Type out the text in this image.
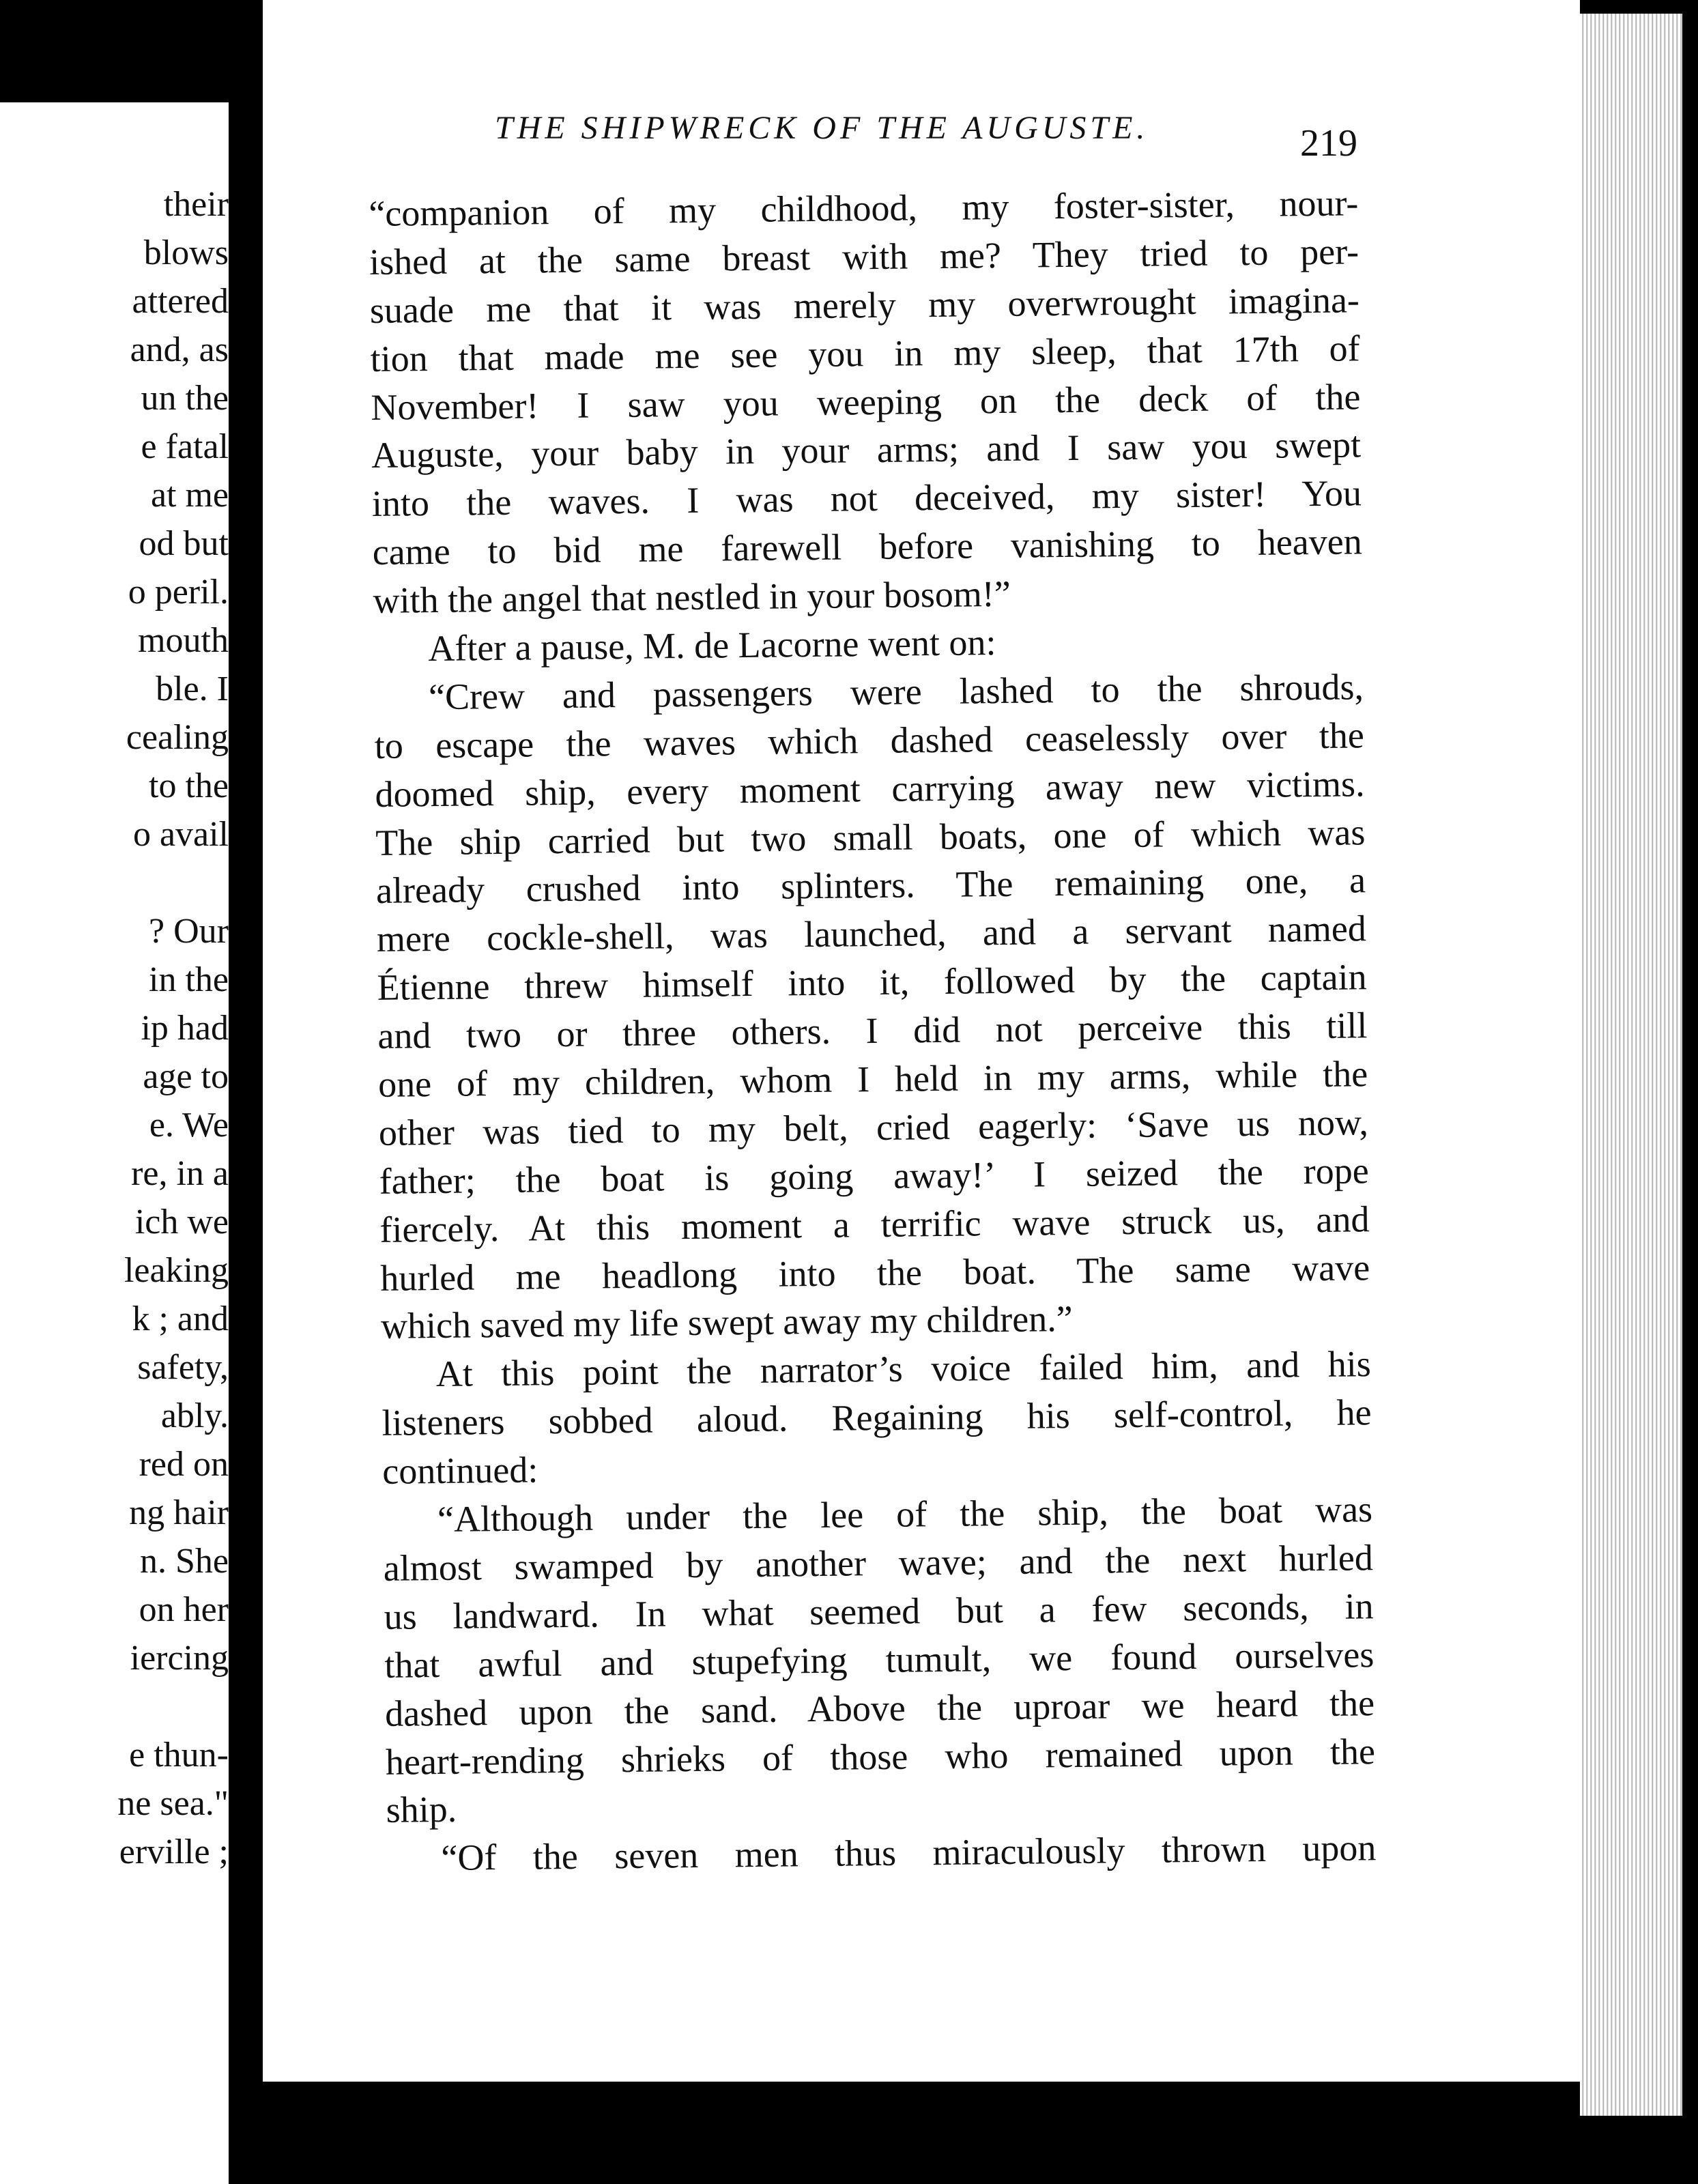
their
blows
attered
and, as
un the
e fatal
at me
od but
o peril.
mouth
ble. I
cealing
to the
o avail
? Our
in the
ip had
age to
e. We
re, in a
ich we
leaking
k ; and
safety,
ably.
red on
ng hair
n. She
on her
iercing
e thun-
ne sea."
erville ;
THE SHIPWRECK OF THE AUGUSTE.	219
“companion of my childhood, my foster-sister, nour-
ished at the same breast with me? They tried to per-
suade me that it was merely my overwrought imagina-
tion that made me see you in my sleep, that 17th of
November! I saw you weeping on the deck of the
Auguste, your baby in your arms; and I saw you swept
into the waves. I was not deceived, my sister! You
came to bid me farewell before vanishing to heaven
with the angel that nestled in your bosom!”
After a pause, M. de Lacorne went on:
“Crew and passengers were lashed to the shrouds,
to escape the waves which dashed ceaselessly over the
doomed ship, every moment carrying away new victims.
The ship carried but two small boats, one of which was
already crushed into splinters. The remaining one, a
mere cockle-shell, was launched, and a servant named
Étienne threw himself into it, followed by the captain
and two or three others. I did not perceive this till
one of my children, whom I held in my arms, while the
other was tied to my belt, cried eagerly: ‘Save us now,
father; the boat is going away!’ I seized the rope
fiercely. At this moment a terrific wave struck us, and
hurled me headlong into the boat. The same wave
which saved my life swept away my children.”
At this point the narrator’s voice failed him, and his
listeners sobbed aloud. Regaining his self-control, he
continued:
“Although under the lee of the ship, the boat was
almost swamped by another wave; and the next hurled
us landward. In what seemed but a few seconds, in
that awful and stupefying tumult, we found ourselves
dashed upon the sand. Above the uproar we heard the
heart-rending shrieks of those who remained upon the
ship.
“Of the seven men thus miraculously thrown upon
